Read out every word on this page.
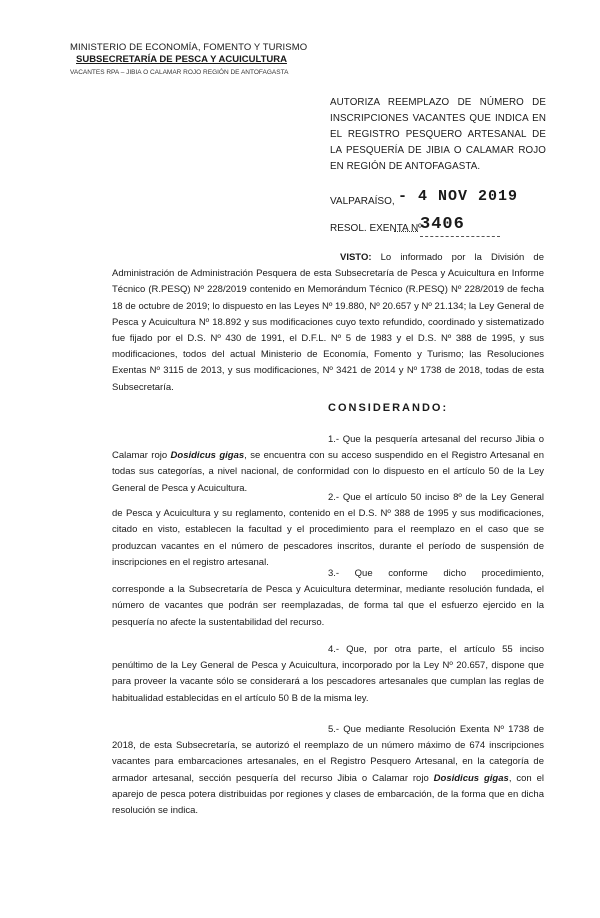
MINISTERIO DE ECONOMÍA, FOMENTO Y TURISMO
SUBSECRETARÍA DE PESCA Y ACUICULTURA
VACANTES RPA – JIBIA O CALAMAR ROJO REGIÓN DE ANTOFAGASTA
AUTORIZA REEMPLAZO DE NÚMERO DE INSCRIPCIONES VACANTES QUE INDICA EN EL REGISTRO PESQUERO ARTESANAL DE LA PESQUERÍA DE JIBIA O CALAMAR ROJO EN REGIÓN DE ANTOFAGASTA.
VALPARAÍSO, - 4 NOV 2019
RESOL. EXENTA Nº
3406

VISTO: Lo informado por la División de Administración de Administración Pesquera de esta Subsecretaría de Pesca y Acuicultura en Informe Técnico (R.PESQ) Nº 228/2019 contenido en Memorándum Técnico (R.PESQ) Nº 228/2019 de fecha 18 de octubre de 2019; lo dispuesto en las Leyes Nº 19.880, Nº 20.657 y Nº 21.134; la Ley General de Pesca y Acuicultura Nº 18.892 y sus modificaciones cuyo texto refundido, coordinado y sistematizado fue fijado por el D.S. Nº 430 de 1991, el D.F.L. Nº 5 de 1983 y el D.S. Nº 388 de 1995, y sus modificaciones, todos del actual Ministerio de Economía, Fomento y Turismo; las Resoluciones Exentas Nº 3115 de 2013, y sus modificaciones, Nº 3421 de 2014 y Nº 1738 de 2018, todas de esta Subsecretaría.

CONSIDERANDO:

1.- Que la pesquería artesanal del recurso Jibia o Calamar rojo Dosidicus gigas, se encuentra con su acceso suspendido en el Registro Artesanal en todas sus categorías, a nivel nacional, de conformidad con lo dispuesto en el artículo 50 de la Ley General de Pesca y Acuicultura.

2.- Que el artículo 50 inciso 8º de la Ley General de Pesca y Acuicultura y su reglamento, contenido en el D.S. Nº 388 de 1995 y sus modificaciones, citado en visto, establecen la facultad y el procedimiento para el reemplazo en el caso que se produzcan vacantes en el número de pescadores inscritos, durante el período de suspensión de inscripciones en el registro artesanal.

3.- Que conforme dicho procedimiento, corresponde a la Subsecretaría de Pesca y Acuicultura determinar, mediante resolución fundada, el número de vacantes que podrán ser reemplazadas, de forma tal que el esfuerzo ejercido en la pesquería no afecte la sustentabilidad del recurso.

4.- Que, por otra parte, el artículo 55 inciso penúltimo de la Ley General de Pesca y Acuicultura, incorporado por la Ley Nº 20.657, dispone que para proveer la vacante sólo se considerará a los pescadores artesanales que cumplan las reglas de habitualidad establecidas en el artículo 50 B de la misma ley.

5.- Que mediante Resolución Exenta Nº 1738 de 2018, de esta Subsecretaría, se autorizó el reemplazo de un número máximo de 674 inscripciones vacantes para embarcaciones artesanales, en el Registro Pesquero Artesanal, en la categoría de armador artesanal, sección pesquería del recurso Jibia o Calamar rojo Dosidicus gigas, con el aparejo de pesca potera distribuidas por regiones y clases de embarcación, de la forma que en dicha resolución se indica.
